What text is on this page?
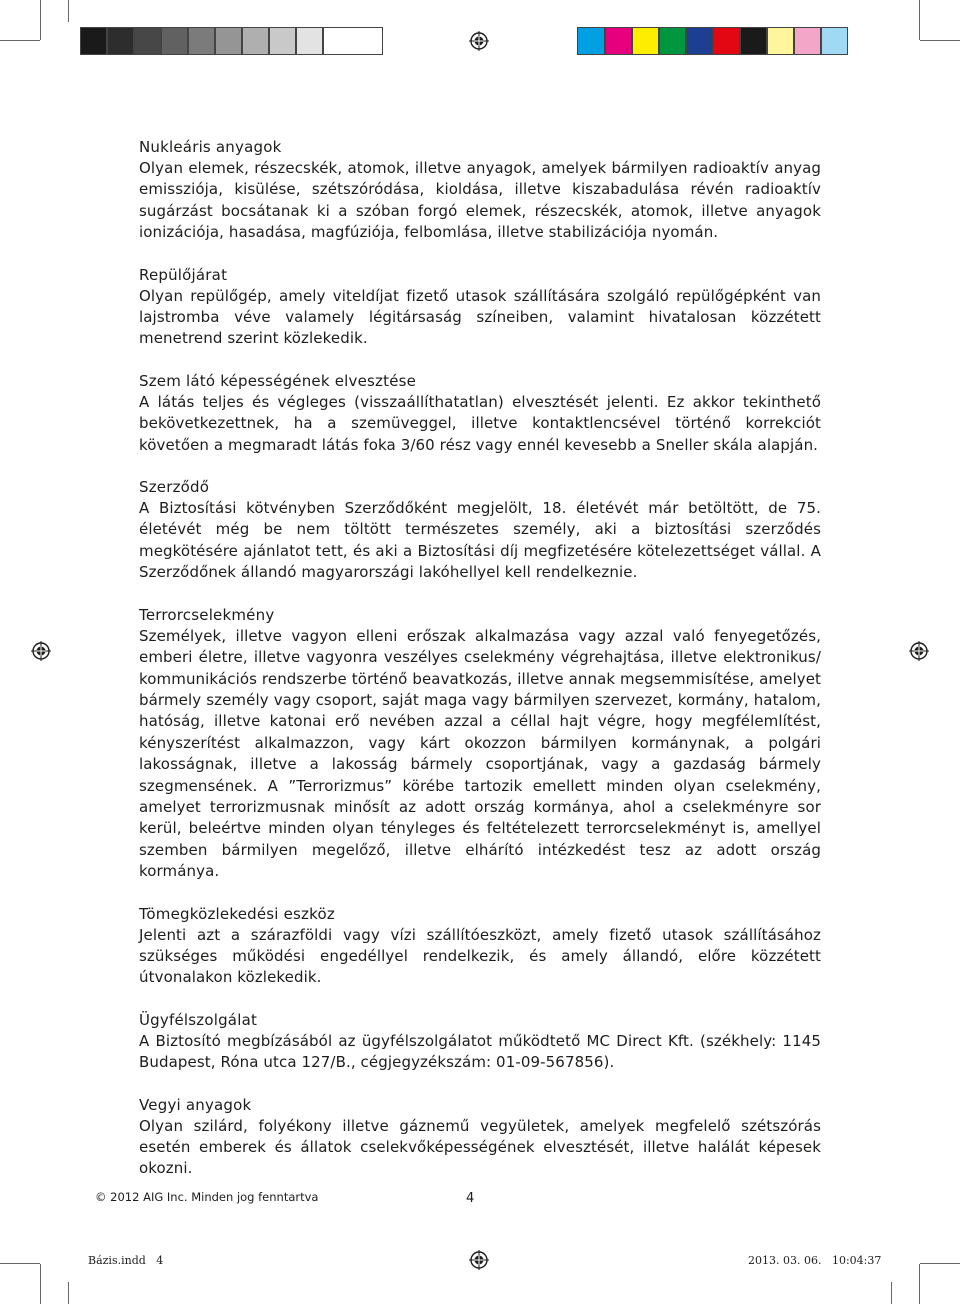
Nukleáris anyagok
Olyan elemek, részecskék, atomok, illetve anyagok, amelyek bármilyen radioaktív anyag emissziója, kisülése, szétszóródása, kioldása, illetve kiszabadulása révén radioaktív sugárzást bocsátanak ki a szóban forgó elemek, részecskék, atomok, illetve anyagok ionizációja, hasadása, magfúziója, felbomlása, illetve stabilizációja nyomán.
Repülőjárat
Olyan repülőgép, amely viteldíjat fizető utasok szállítására szolgáló repülőgépként van lajstromba véve valamely légitársaság színeiben, valamint hivatalosan közzétett menetrend szerint közlekedik.
Szem látó képességének elvesztése
A látás teljes és végleges (visszaállíthatatlan) elvesztését jelenti. Ez akkor tekinthető bekövetkezettnek, ha a szemüveggel, illetve kontaktlencsével történő korrekciót követően a megmaradt látás foka 3/60 rész vagy ennél kevesebb a Sneller skála alapján.
Szerződő
A Biztosítási kötvényben Szerződőként megjelölt, 18. életévét már betöltött, de 75. életévét még be nem töltött természetes személy, aki a biztosítási szerződés megkötésére ajánlatot tett, és aki a Biztosítási díj megfizetésére kötelezettséget vállal. A Szerződőnek állandó magyarországi lakóhellyel kell rendelkeznie.
Terrorcselekmény
Személyek, illetve vagyon elleni erőszak alkalmazása vagy azzal való fenyegetőzés, emberi életre, illetve vagyonra veszélyes cselekmény végrehajtása, illetve elektronikus/ kommunikációs rendszerbe történő beavatkozás, illetve annak megsemmisítése, amelyet bármely személy vagy csoport, saját maga vagy bármilyen szervezet, kormány, hatalom, hatóság, illetve katonai erő nevében azzal a céllal hajt végre, hogy megfélemlítést, kényszerítést alkalmazzon, vagy kárt okozzon bármilyen kormánynak, a polgári lakosságnak, illetve a lakosság bármely csoportjának, vagy a gazdaság bármely szegmensének. A ”Terrorizmus” körébe tartozik emellett minden olyan cselekmény, amelyet terrorizmusnak minősít az adott ország kormánya, ahol a cselekményre sor kerül, beleértve minden olyan tényleges és feltételezett terrorcselekményt is, amellyel szemben bármilyen megelőző, illetve elhárító intézkedést tesz az adott ország kormánya.
Tömegközlekedési eszköz
Jelenti azt a szárazföldi vagy vízi szállítóeszközt, amely fizető utasok szállításához szükséges működési engedéllyel rendelkezik, és amely állandó, előre közzétett útvonalakon közlekedik.
Ügyfélszolgálat
A Biztosító megbízásából az ügyfélszolgálatot működtető MC Direct Kft. (székhely: 1145 Budapest, Róna utca 127/B., cégjegyzékszám: 01-09-567856).
Vegyi anyagok
Olyan szilárd, folyékony illetve gáznemű vegyületek, amelyek megfelelő szétszórás esetén emberek és állatok cselekvőképességének elvesztését, illetve halálát képesek okozni.
© 2012 AIG Inc. Minden jog fenntartva	4
Bázis.indd   4	2013. 03. 06.   10:04:37
